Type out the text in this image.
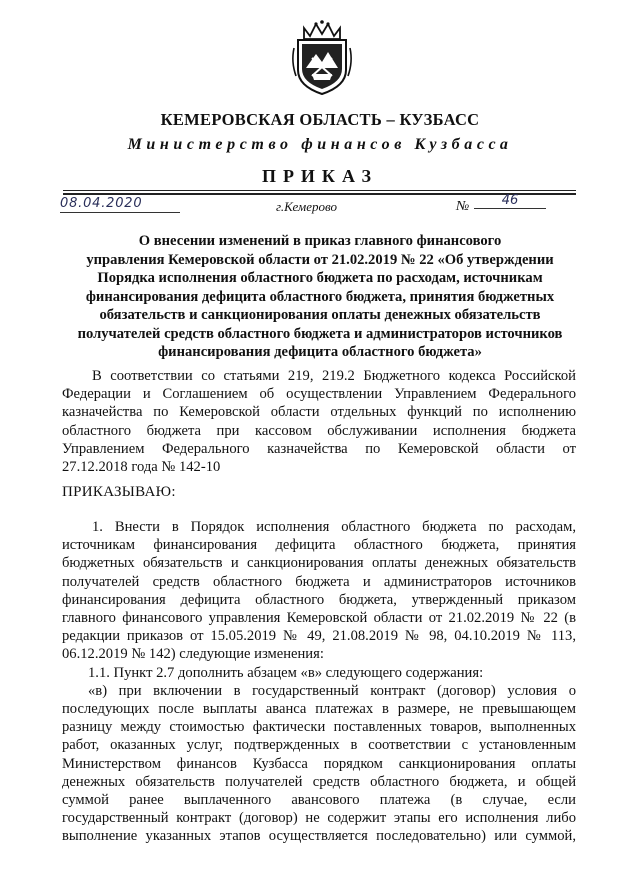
КЕМЕРОВСКАЯ ОБЛАСТЬ – КУЗБАСС
Министерство финансов Кузбасса
ПРИКАЗ
08.04.2020	г.Кемерово	№	46
О внесении изменений в приказ главного финансового
управления Кемеровской области от 21.02.2019 № 22 «Об утверждении
Порядка исполнения областного бюджета по расходам, источникам
финансирования дефицита областного бюджета, принятия бюджетных
обязательств и санкционирования оплаты денежных обязательств
получателей средств областного бюджета и администраторов источников
финансирования дефицита областного бюджета»
В соответствии со статьями 219, 219.2 Бюджетного кодекса Российской
Федерации и Соглашением об осуществлении Управлением Федерального
казначейства по Кемеровской области отдельных функций по исполнению
областного бюджета при кассовом обслуживании исполнения бюджета
Управлением Федерального казначейства по Кемеровской области от
27.12.2018 года № 142-10
ПРИКАЗЫВАЮ:
1. Внести в Порядок исполнения областного бюджета по расходам,
источникам финансирования дефицита областного бюджета, принятия
бюджетных обязательств и санкционирования оплаты денежных обязательств
получателей средств областного бюджета и администраторов источников
финансирования дефицита областного бюджета, утвержденный приказом
главного финансового управления Кемеровской области от 21.02.2019 № 22 (в
редакции приказов от 15.05.2019 № 49, 21.08.2019 № 98, 04.10.2019 № 113,
06.12.2019 № 142) следующие изменения:
1.1. Пункт 2.7 дополнить абзацем «в» следующего содержания:
«в) при включении в государственный контракт (договор) условия о
последующих после выплаты аванса платежах в размере, не превышающем
разницу между стоимостью фактически поставленных товаров, выполненных
работ, оказанных услуг, подтвержденных в соответствии с установленным
Министерством финансов Кузбасса порядком санкционирования оплаты
денежных обязательств получателей средств областного бюджета, и общей
суммой ранее выплаченного авансового платежа (в случае, если
государственный контракт (договор) не содержит этапы его исполнения либо
выполнение указанных этапов осуществляется последовательно) или суммой,
